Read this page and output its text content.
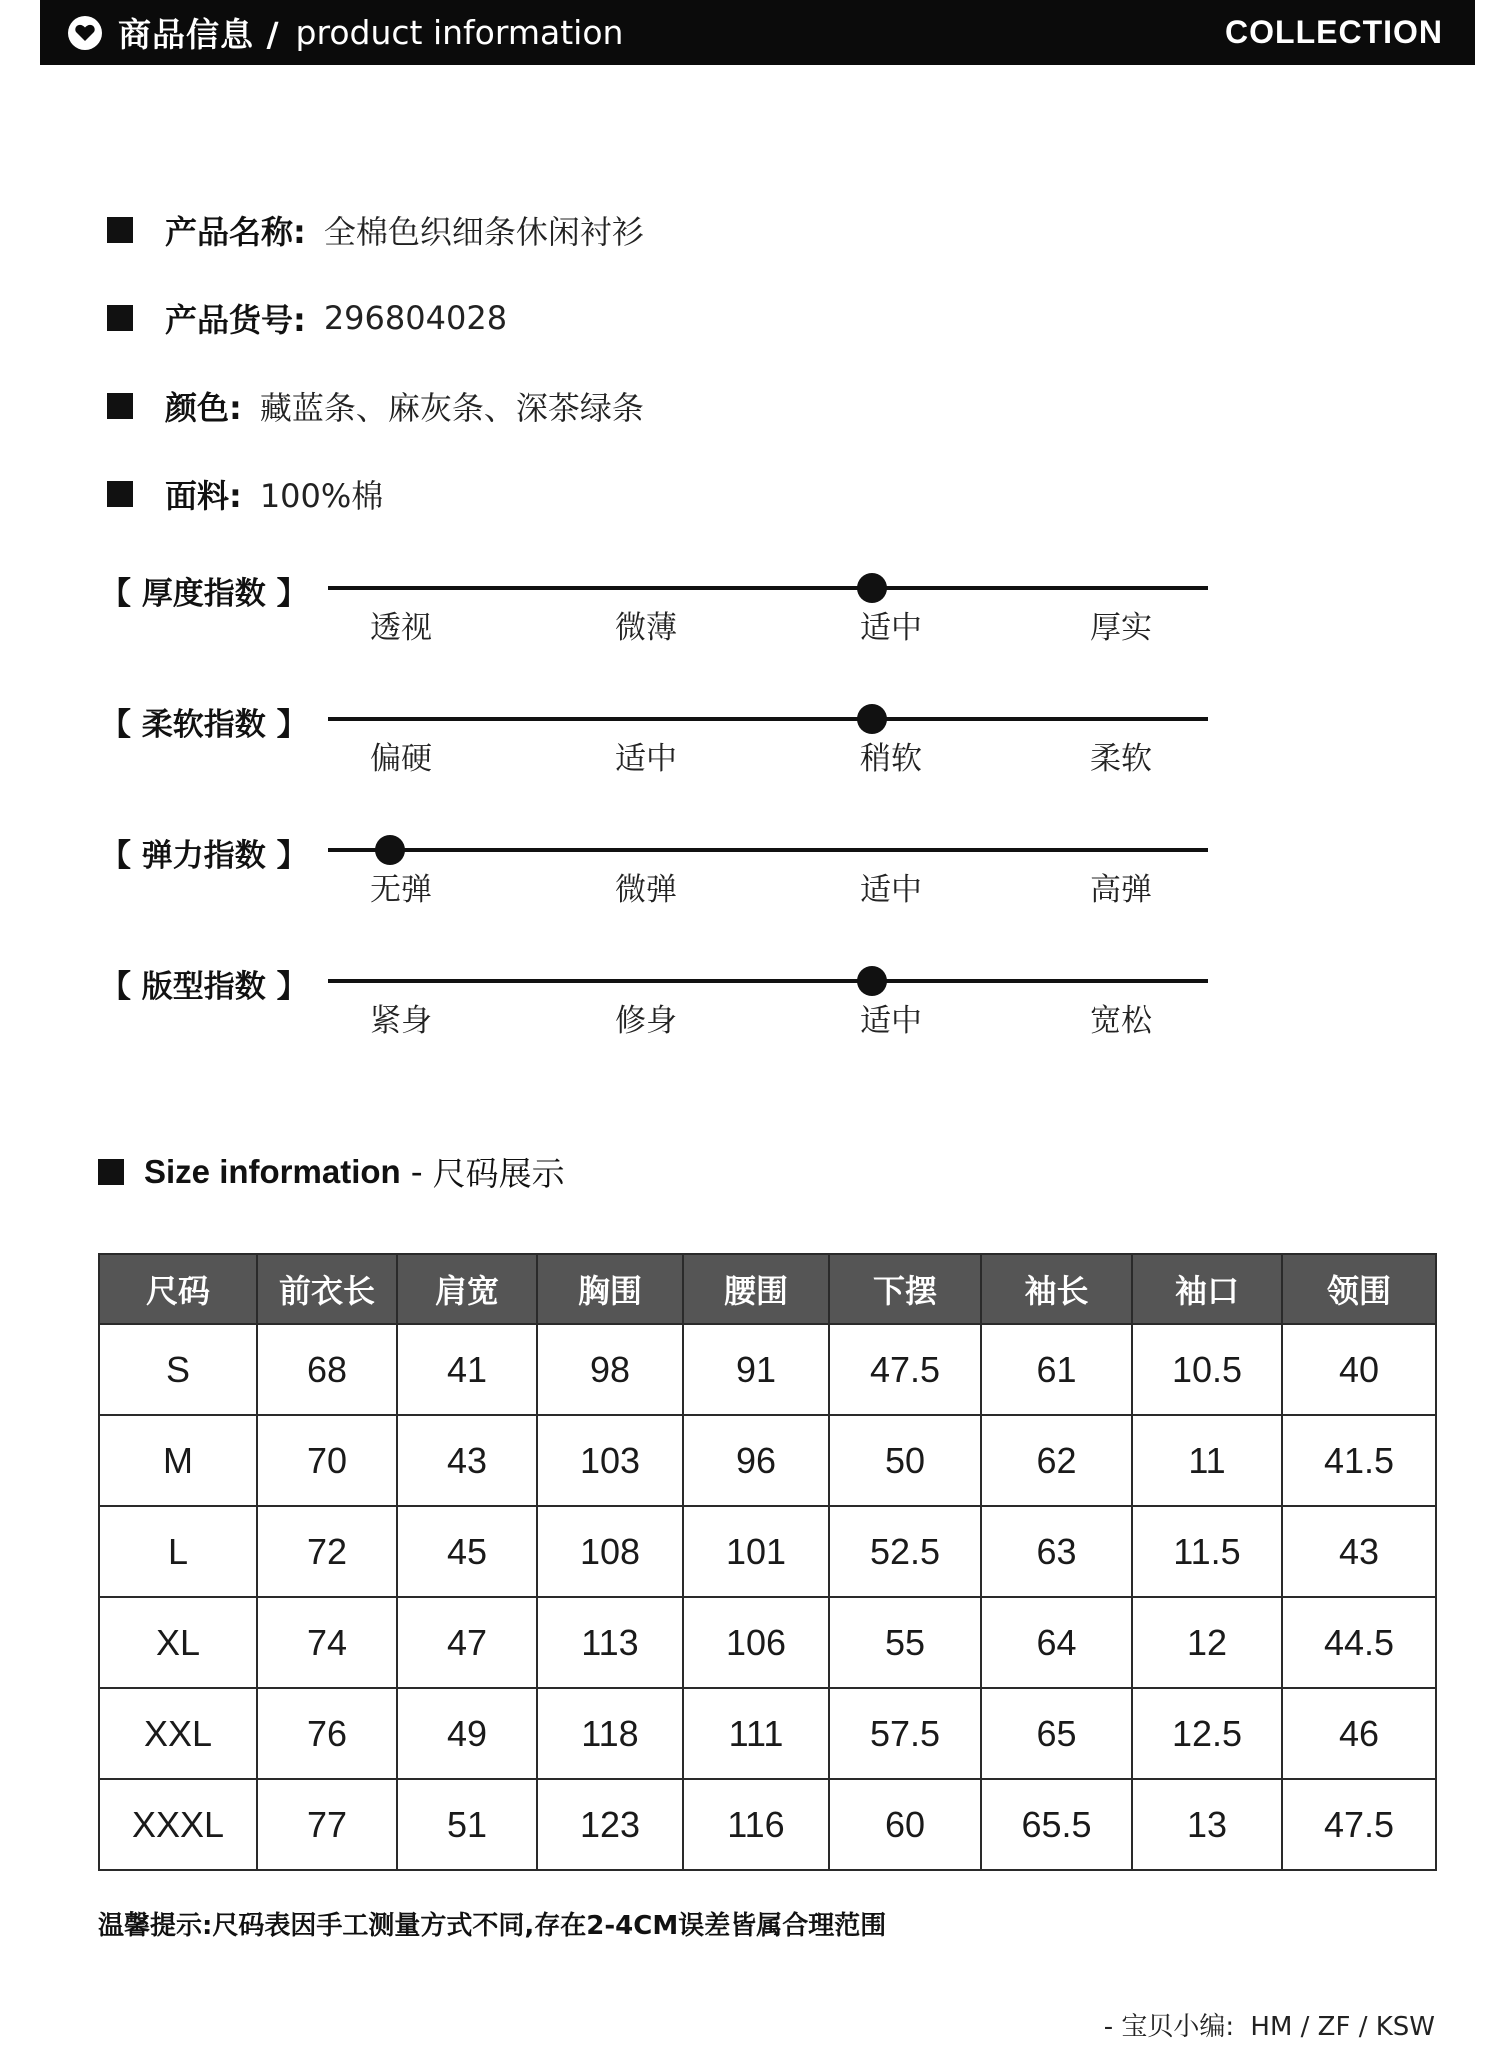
商品信息 / product information	COLLECTION
产品名称: 全棉色织细条休闲衬衫
产品货号: 296804028
颜色: 藏蓝条、麻灰条、深茶绿条
面料: 100%棉
【 厚度指数 】
透视	微薄	适中	厚实
【 柔软指数 】
偏硬	适中	稍软	柔软
【 弹力指数 】
无弹	微弹	适中	高弹
【 版型指数 】
紧身	修身	适中	宽松
Size information - 尺码展示
尺码	前衣长	肩宽	胸围	腰围	下摆	袖长	袖口	领围
S	68	41	98	91	47.5	61	10.5	40
M	70	43	103	96	50	62	11	41.5
L	72	45	108	101	52.5	63	11.5	43
XL	74	47	113	106	55	64	12	44.5
XXL	76	49	118	111	57.5	65	12.5	46
XXXL	77	51	123	116	60	65.5	13	47.5
温馨提示:尺码表因手工测量方式不同,存在2-4CM误差皆属合理范围
- 宝贝小编: HM / ZF / KSW
